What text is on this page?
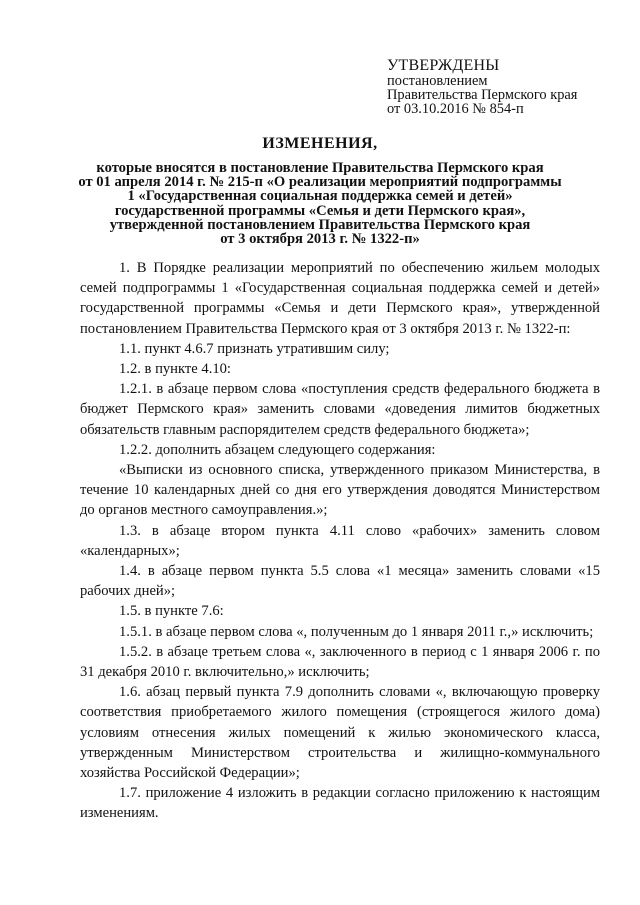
УТВЕРЖДЕНЫ
постановлением
Правительства Пермского края
от 03.10.2016 № 854-п
ИЗМЕНЕНИЯ,
которые вносятся в постановление Правительства Пермского края
от 01 апреля 2014 г. № 215-п «О реализации мероприятий подпрограммы
1 «Государственная социальная поддержка семей и детей»
государственной программы «Семья и дети Пермского края»,
утвержденной постановлением Правительства Пермского края
от 3 октября 2013 г. № 1322-п»
1. В Порядке реализации мероприятий по обеспечению жильем молодых семей подпрограммы 1 «Государственная социальная поддержка семей и детей» государственной программы «Семья и дети Пермского края», утвержденной постановлением Правительства Пермского края от 3 октября 2013 г. № 1322-п:
1.1. пункт 4.6.7 признать утратившим силу;
1.2. в пункте 4.10:
1.2.1. в абзаце первом слова «поступления средств федерального бюджета в бюджет Пермского края» заменить словами «доведения лимитов бюджетных обязательств главным распорядителем средств федерального бюджета»;
1.2.2. дополнить абзацем следующего содержания:
«Выписки из основного списка, утвержденного приказом Министерства, в течение 10 календарных дней со дня его утверждения доводятся Министерством до органов местного самоуправления.»;
1.3. в абзаце втором пункта 4.11 слово «рабочих» заменить словом «календарных»;
1.4. в абзаце первом пункта 5.5 слова «1 месяца» заменить словами «15 рабочих дней»;
1.5. в пункте 7.6:
1.5.1. в абзаце первом слова «, полученным до 1 января 2011 г.,» исключить;
1.5.2. в абзаце третьем слова «, заключенного в период с 1 января 2006 г. по 31 декабря 2010 г. включительно,» исключить;
1.6. абзац первый пункта 7.9 дополнить словами «, включающую проверку соответствия приобретаемого жилого помещения (строящегося жилого дома) условиям отнесения жилых помещений к жилью экономического класса, утвержденным Министерством строительства и жилищно-коммунального хозяйства Российской Федерации»;
1.7. приложение 4 изложить в редакции согласно приложению к настоящим изменениям.
